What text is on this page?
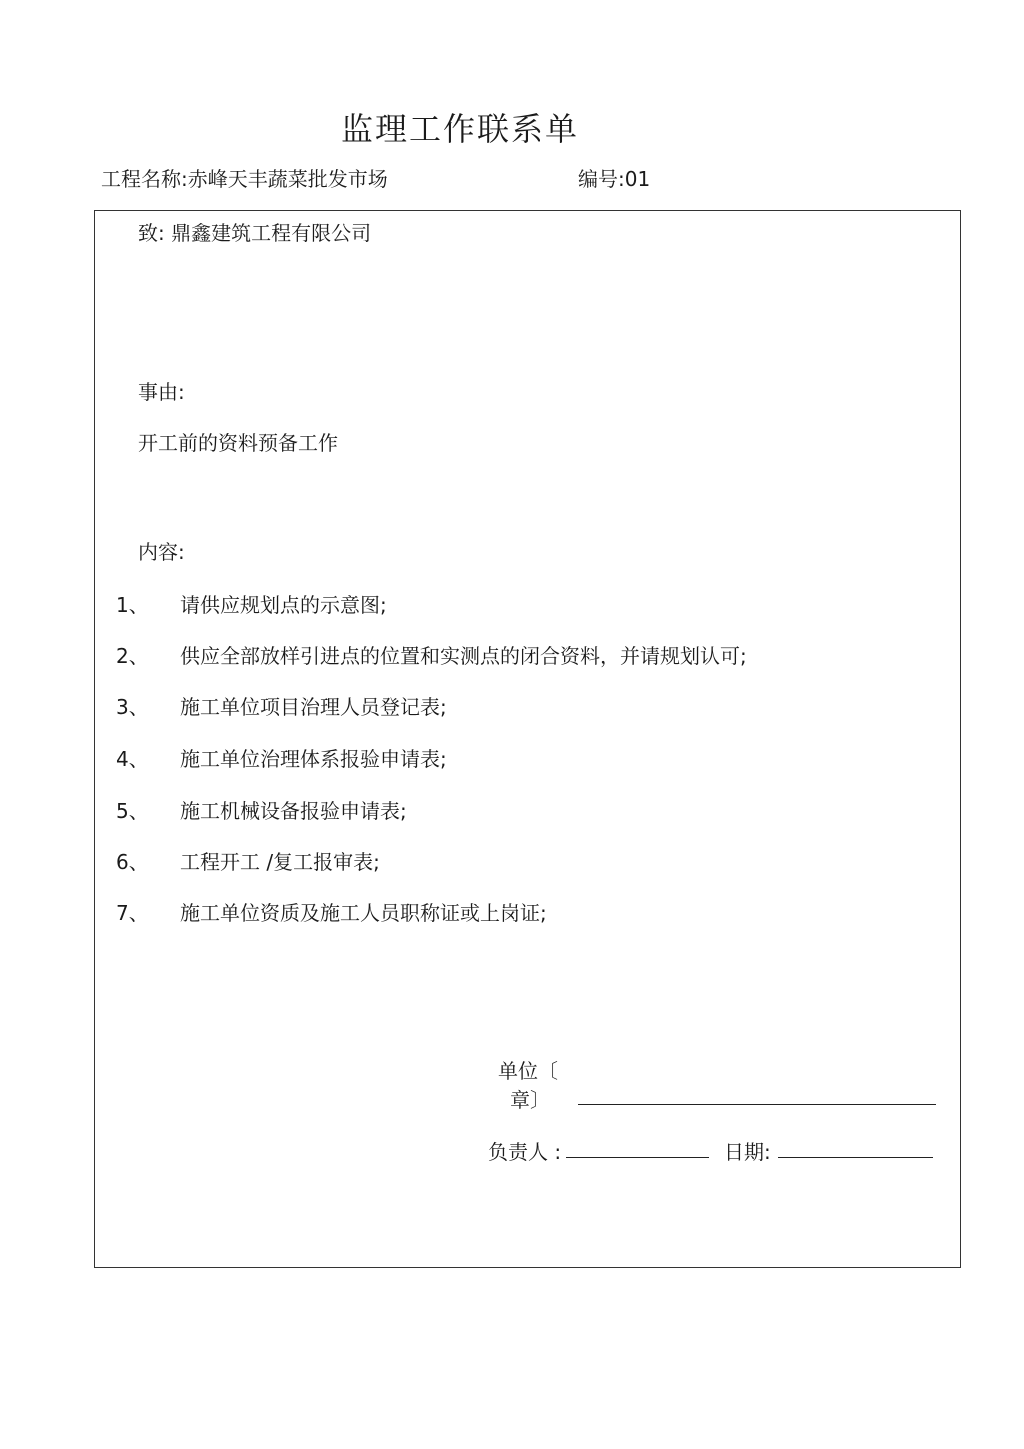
监理工作联系单
工程名称:赤峰天丰蔬菜批发市场	编号:01
致: 鼎鑫建筑工程有限公司
事由:
开工前的资料预备工作
内容:
1、 请供应规划点的示意图;
2、 供应全部放样引进点的位置和实测点的闭合资料，并请规划认可;
3、 施工单位项目治理人员登记表;
4、 施工单位治理体系报验申请表;
5、 施工机械设备报验申请表;
6、 工程开工 /复工报审表;
7、 施工单位资质及施工人员职称证或上岗证;
单位〔
章〕
负责人 :	日期:
